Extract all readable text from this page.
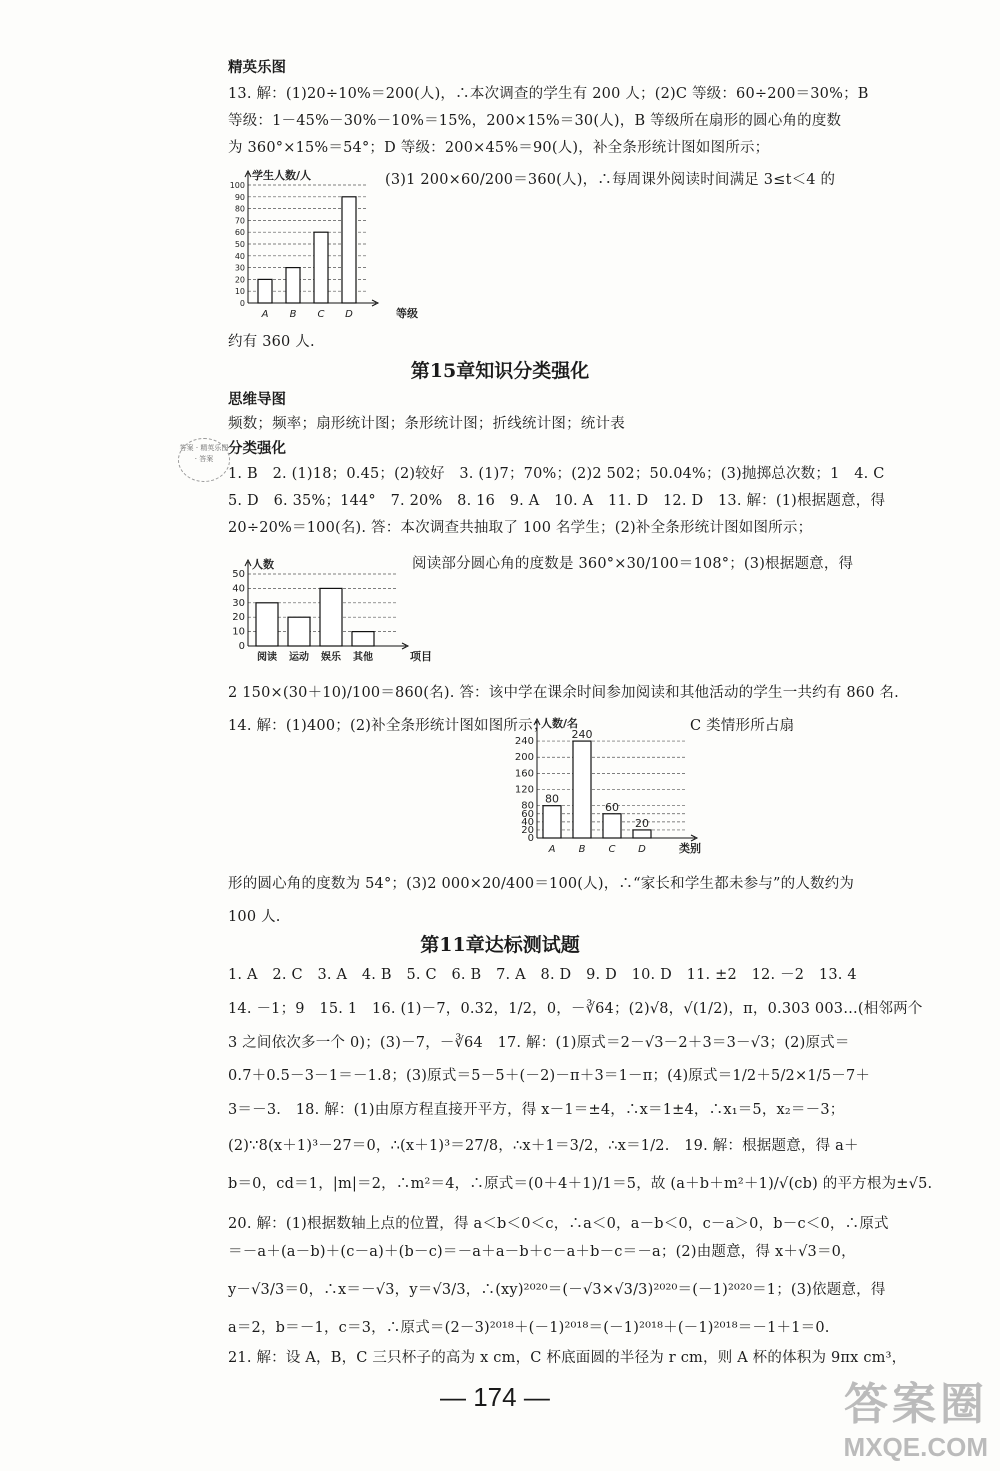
精英乐图
13. 解：(1)20÷10%＝200(人)，∴本次调查的学生有 200 人；(2)C 等级：60÷200＝30%；B
等级：1－45%－30%－10%＝15%，200×15%＝30(人)，B 等级所在扇形的圆心角的度数
为 360°×15%＝54°；D 等级：200×45%＝90(人)，补全条形统计图如图所示；
(3)1 200×60/200＝360(人)，∴每周课外阅读时间满足 3≤t＜4 的
0
10
20
30
40
50
60
70
80
90
100
学生人数/人
等级
A B C D
约有 360 人.
第15章知识分类强化
思维导图
答案 · 精英乐图 · 答案
频数；频率；扇形统计图；条形统计图；折线统计图；统计表
分类强化
1. B　2. (1)18；0.45；(2)较好　3. (1)7；70%；(2)2 502；50.04%；(3)抛掷总次数；1　4. C
5. D　6. 35%；144°　7. 20%　8. 16　9. A　10. A　11. D　12. D　13. 解：(1)根据题意，得
20÷20%＝100(名). 答：本次调查共抽取了 100 名学生；(2)补全条形统计图如图所示；
阅读部分圆心角的度数是 360°×30/100＝108°；(3)根据题意，得
0
10
20
30
40
50
人数
项目
阅读 运动 娱乐 其他
2 150×(30＋10)/100＝860(名). 答：该中学在课余时间参加阅读和其他活动的学生一共约有 860 名.
14. 解：(1)400；(2)补全条形统计图如图所示；	C 类情形所占扇
0
20
40
60
80
120
160
200
240
人数/名
类别
A
80
B
240
C
60
D
20
形的圆心角的度数为 54°；(3)2 000×20/400＝100(人)，∴“家长和学生都未参与”的人数约为
100 人.
第11章达标测试题
1. A　2. C　3. A　4. B　5. C　6. B　7. A　8. D　9. D　10. D　11. ±2　12. －2　13. 4
14. －1；9　15. 1　16. (1)－7，0.32，1/2，0，－∛64；(2)√8，√(1/2)，π，0.303 003…(相邻两个
3 之间依次多一个 0)；(3)－7，－∛64　17. 解：(1)原式＝2－√3－2＋3＝3－√3；(2)原式＝
0.7＋0.5－3－1＝－1.8；(3)原式＝5－5＋(－2)－π＋3＝1－π；(4)原式＝1/2＋5/2×1/5－7＋
3＝－3.　18. 解：(1)由原方程直接开平方，得 x－1＝±4，∴x＝1±4，∴x₁＝5，x₂＝－3；
(2)∵8(x＋1)³－27＝0，∴(x＋1)³＝27/8，∴x＋1＝3/2，∴x＝1/2.　19. 解：根据题意，得 a＋
b＝0，cd＝1，|m|＝2，∴m²＝4，∴原式＝(0＋4＋1)/1＝5，故 (a＋b＋m²＋1)/√(cb) 的平方根为±√5.
20. 解：(1)根据数轴上点的位置，得 a＜b＜0＜c，∴a＜0，a－b＜0，c－a＞0，b－c＜0，∴原式
＝－a＋(a－b)＋(c－a)＋(b－c)＝－a＋a－b＋c－a＋b－c＝－a；(2)由题意，得 x＋√3＝0，
y－√3/3＝0，∴x＝－√3，y＝√3/3，∴(xy)²⁰²⁰＝(－√3×√3/3)²⁰²⁰＝(－1)²⁰²⁰＝1；(3)依题意，得
a＝2，b＝－1，c＝3，∴原式＝(2－3)²⁰¹⁸＋(－1)²⁰¹⁸＝(－1)²⁰¹⁸＋(－1)²⁰¹⁸＝－1＋1＝0.
21. 解：设 A，B，C 三只杯子的高为 x cm，C 杯底面圆的半径为 r cm，则 A 杯的体积为 9πx cm³，
— 174 —	答案圈
MXQE.COM
